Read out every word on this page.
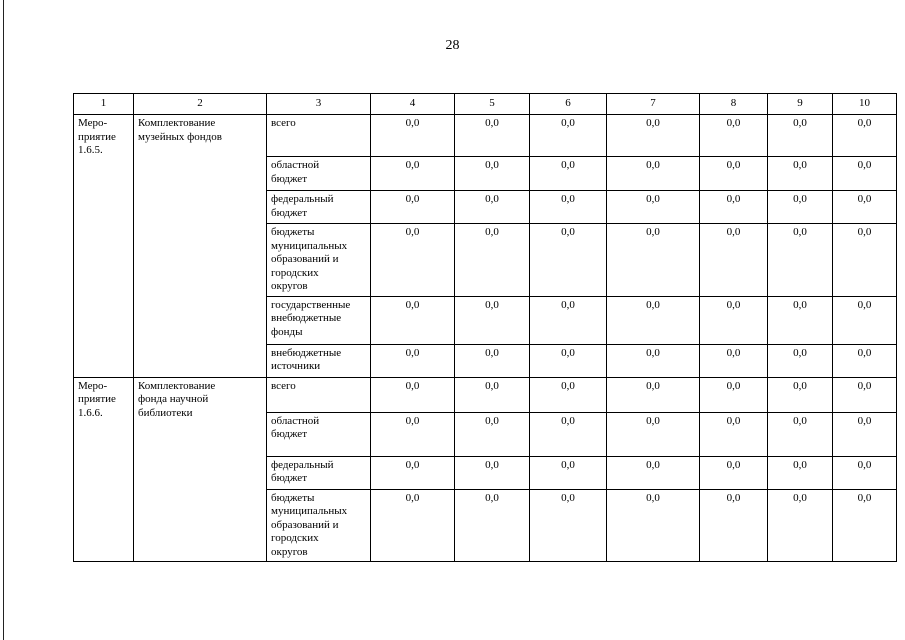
28
1	2	3	4	5	6	7	8	9	10
Меро-
приятие
1.6.5.	Комплектование
музейных фондов	всего	0,0	0,0	0,0	0,0	0,0	0,0	0,0
		областной
бюджет	0,0	0,0	0,0	0,0	0,0	0,0	0,0
		федеральный
бюджет	0,0	0,0	0,0	0,0	0,0	0,0	0,0
		бюджеты
муниципальных
образований и
городских
округов	0,0	0,0	0,0	0,0	0,0	0,0	0,0
		государственные
внебюджетные
фонды	0,0	0,0	0,0	0,0	0,0	0,0	0,0
		внебюджетные
источники	0,0	0,0	0,0	0,0	0,0	0,0	0,0
Меро-
приятие
1.6.6.	Комплектование
фонда научной
библиотеки	всего	0,0	0,0	0,0	0,0	0,0	0,0	0,0
		областной
бюджет	0,0	0,0	0,0	0,0	0,0	0,0	0,0
		федеральный
бюджет	0,0	0,0	0,0	0,0	0,0	0,0	0,0
		бюджеты
муниципальных
образований и
городских
округов	0,0	0,0	0,0	0,0	0,0	0,0	0,0
